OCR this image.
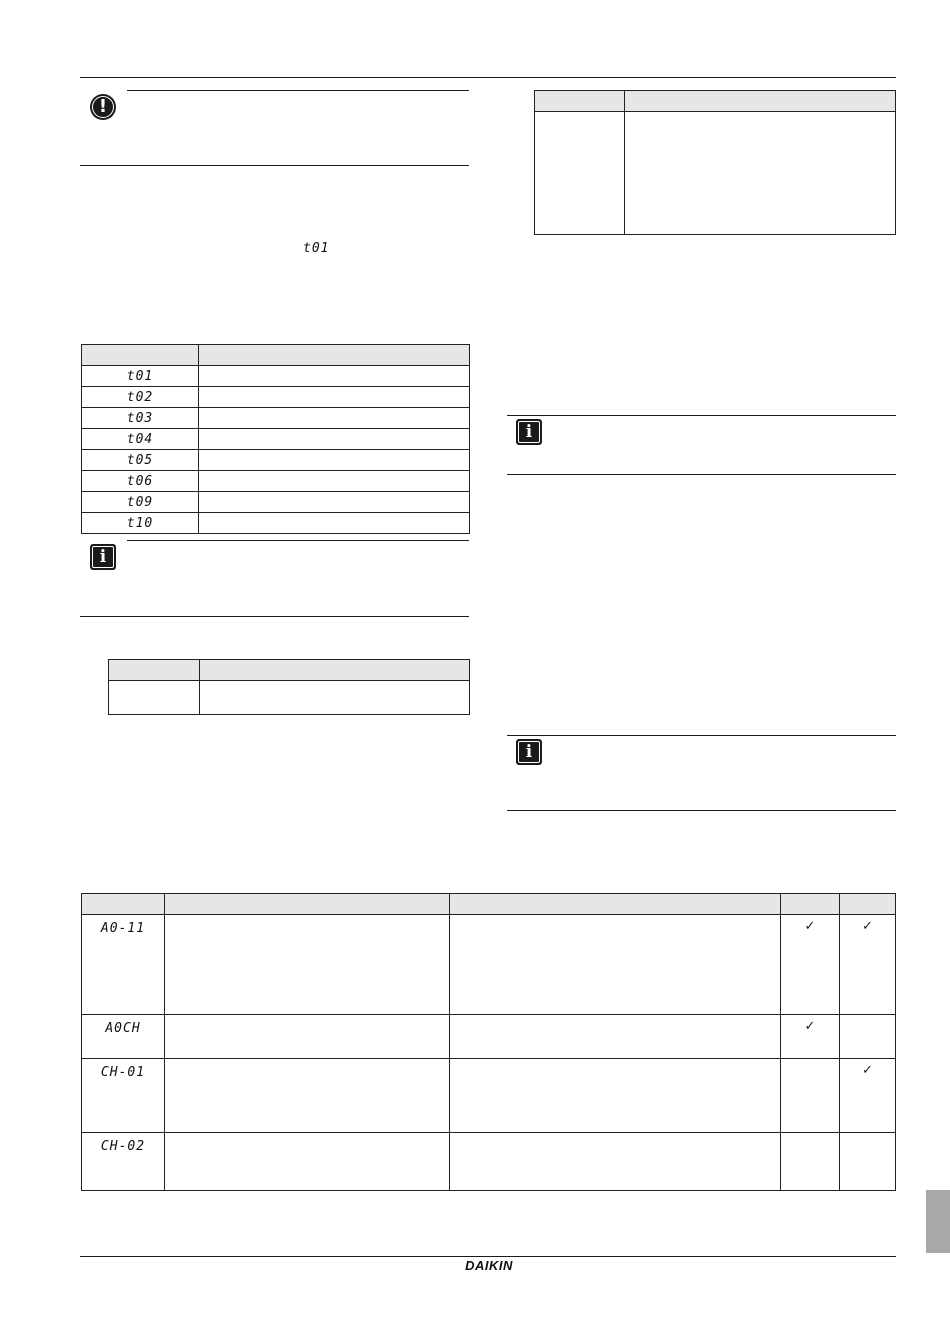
!
t01

t01	
t02	
t03	
t04	
t05	
t06	
t09	
t10	
i

i
i

A0-11			✓	✓
A0CH			✓	
CH-01				✓
CH-02				
DAIKIN
